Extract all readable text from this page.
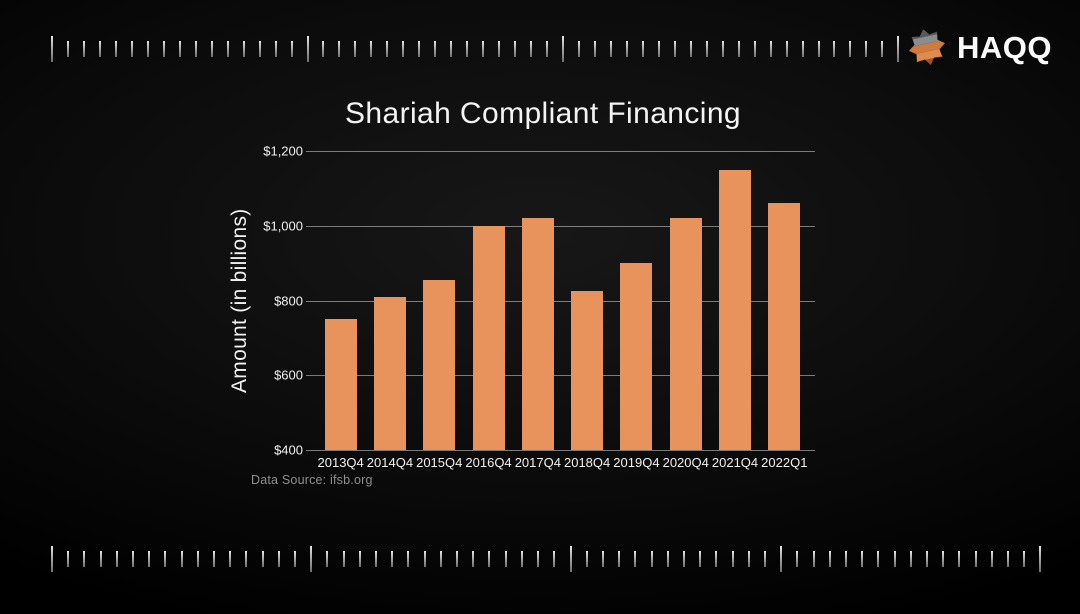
HAQQ
Shariah Compliant Financing
Amount (in billions)
$400
$600
$800
$1,000
$1,200
2013Q4 2014Q4 2015Q4 2016Q4 2017Q4 2018Q4 2019Q4 2020Q4 2021Q4 2022Q1
Data Source: ifsb.org
